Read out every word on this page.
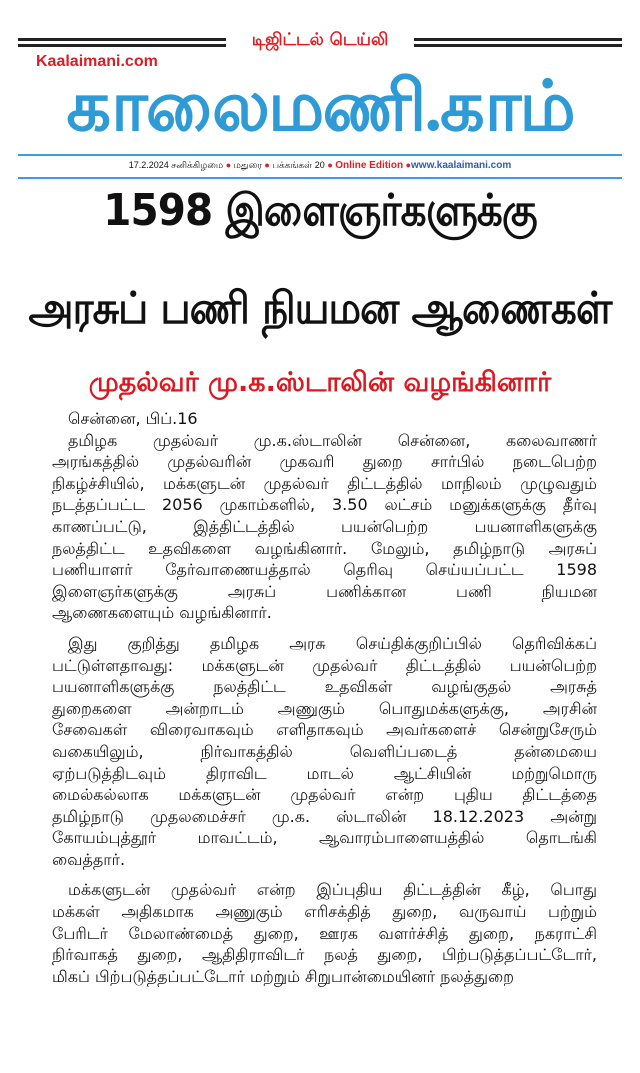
டிஜிட்டல் டெய்லி
Kaalaimani.com
காலைமணி.காம்
17.2.2024 சனிக்கிழமை ● மதுரை ● பக்கங்கள் 20 ● Online Edition ●www.kaalaimani.com
1598 இளைஞர்களுக்கு
அரசுப் பணி நியமன ஆணைகள்
முதல்வர் மு.க.ஸ்டாலின் வழங்கினார்
சென்னை, பிப்.16
தமிழக முதல்வர் மு.க.ஸ்டாலின் சென்னை, கலைவாணர்
அரங்கத்தில் முதல்வரின் முகவரி துறை சார்பில் நடைபெற்ற
நிகழ்ச்சியில், மக்களுடன் முதல்வர் திட்டத்தில் மாநிலம் முழுவதும்
நடத்தப்பட்ட 2056 முகாம்களில், 3.50 லட்சம் மனுக்களுக்கு தீர்வு
காணப்பட்டு, இத்திட்டத்தில் பயன்பெற்ற பயனாளிகளுக்கு
நலத்திட்ட உதவிகளை வழங்கினார். மேலும், தமிழ்நாடு அரசுப்
பணியாளர் தேர்வாணையத்தால் தெரிவு செய்யப்பட்ட 1598
இளைஞர்களுக்கு அரசுப் பணிக்கான பணி நியமன
ஆணைகளையும் வழங்கினார்.
இது குறித்து தமிழக அரசு செய்திக்குறிப்பில் தெரிவிக்கப்
பட்டுள்ளதாவது: மக்களுடன் முதல்வர் திட்டத்தில் பயன்பெற்ற
பயனாளிகளுக்கு நலத்திட்ட உதவிகள் வழங்குதல் அரசுத்
துறைகளை அன்றாடம் அணுகும் பொதுமக்களுக்கு, அரசின்
சேவைகள் விரைவாகவும் எளிதாகவும் அவர்களைச் சென்றுசேரும்
வகையிலும், நிர்வாகத்தில் வெளிப்படைத் தன்மையை
ஏற்படுத்திடவும் திராவிட மாடல் ஆட்சியின் மற்றுமொரு
மைல்கல்லாக மக்களுடன் முதல்வர் என்ற புதிய திட்டத்தை
தமிழ்நாடு முதலமைச்சர் மு.க. ஸ்டாலின் 18.12.2023 அன்று
கோயம்புத்தூர் மாவட்டம், ஆவாரம்பாளையத்தில் தொடங்கி
வைத்தார்.
மக்களுடன் முதல்வர் என்ற இப்புதிய திட்டத்தின் கீழ், பொது
மக்கள் அதிகமாக அணுகும் எரிசக்தித் துறை, வருவாய் பற்றும்
பேரிடர் மேலாண்மைத் துறை, ஊரக வளர்ச்சித் துறை, நகராட்சி
நிர்வாகத் துறை, ஆதிதிராவிடர் நலத் துறை, பிற்படுத்தப்பட்டோர்,
மிகப் பிற்படுத்தப்பட்டோர் மற்றும் சிறுபான்மையினர் நலத்துறை
